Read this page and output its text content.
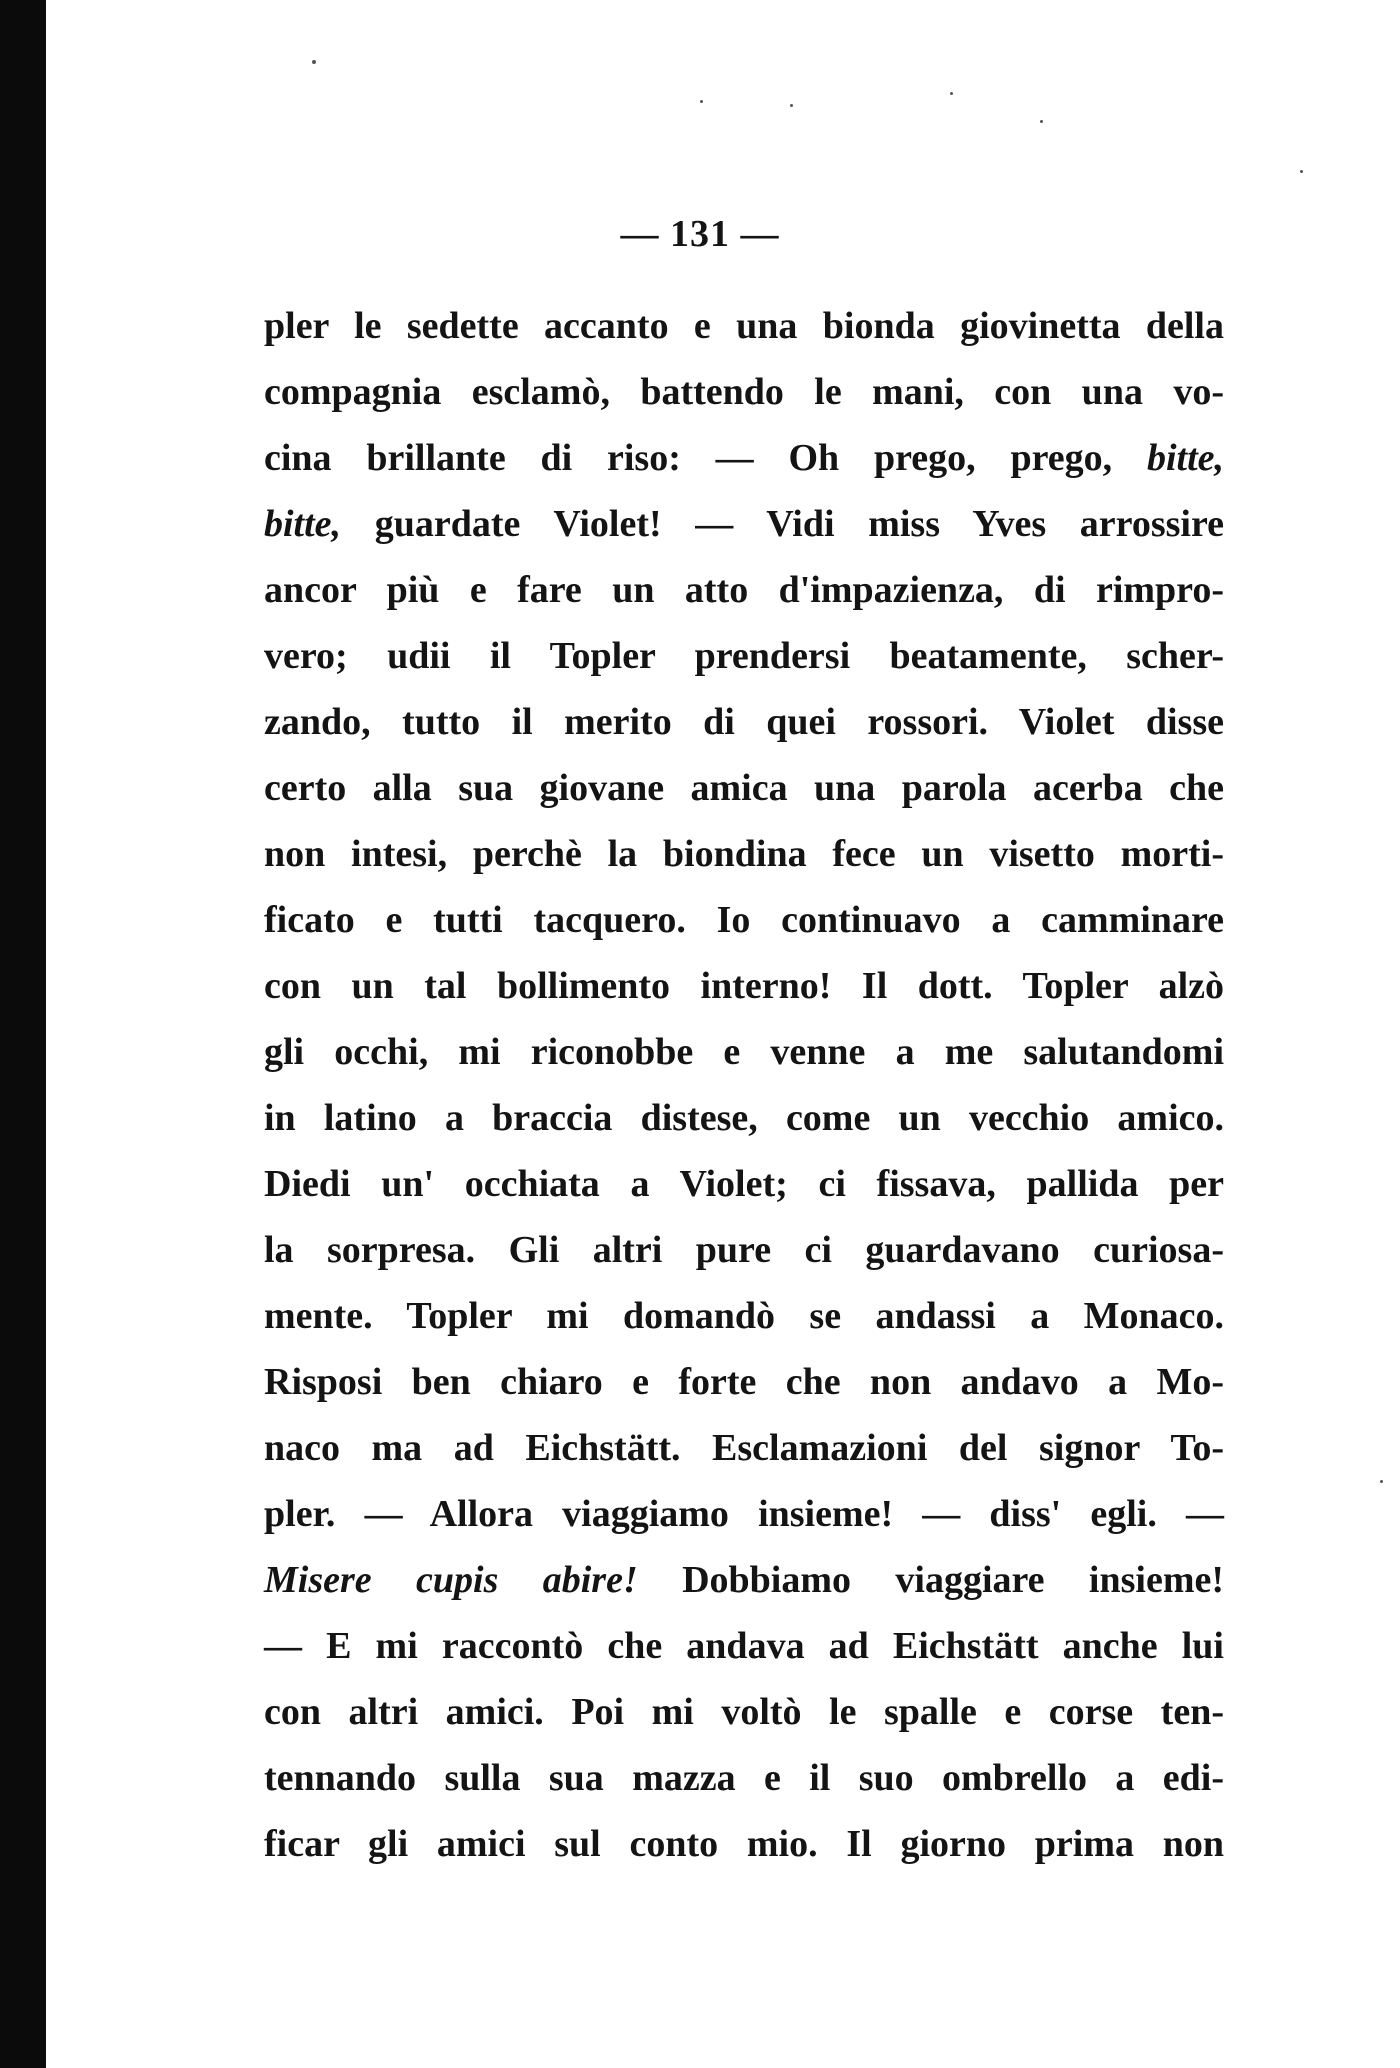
— 131 —
pler le sedette accanto e una bionda giovinetta della
compagnia esclamò, battendo le mani, con una vo-
cina brillante di riso: — Oh prego, prego, bitte,
bitte, guardate Violet! — Vidi miss Yves arrossire
ancor più e fare un atto d'impazienza, di rimpro-
vero; udii il Topler prendersi beatamente, scher-
zando, tutto il merito di quei rossori. Violet disse
certo alla sua giovane amica una parola acerba che
non intesi, perchè la biondina fece un visetto morti-
ficato e tutti tacquero. Io continuavo a camminare
con un tal bollimento interno! Il dott. Topler alzò
gli occhi, mi riconobbe e venne a me salutandomi
in latino a braccia distese, come un vecchio amico.
Diedi un' occhiata a Violet; ci fissava, pallida per
la sorpresa. Gli altri pure ci guardavano curiosa-
mente. Topler mi domandò se andassi a Monaco.
Risposi ben chiaro e forte che non andavo a Mo-
naco ma ad Eichstätt. Esclamazioni del signor To-
pler. — Allora viaggiamo insieme! — diss' egli. —
Misere cupis abire! Dobbiamo viaggiare insieme!
— E mi raccontò che andava ad Eichstätt anche lui
con altri amici. Poi mi voltò le spalle e corse ten-
tennando sulla sua mazza e il suo ombrello a edi-
ficar gli amici sul conto mio. Il giorno prima non
